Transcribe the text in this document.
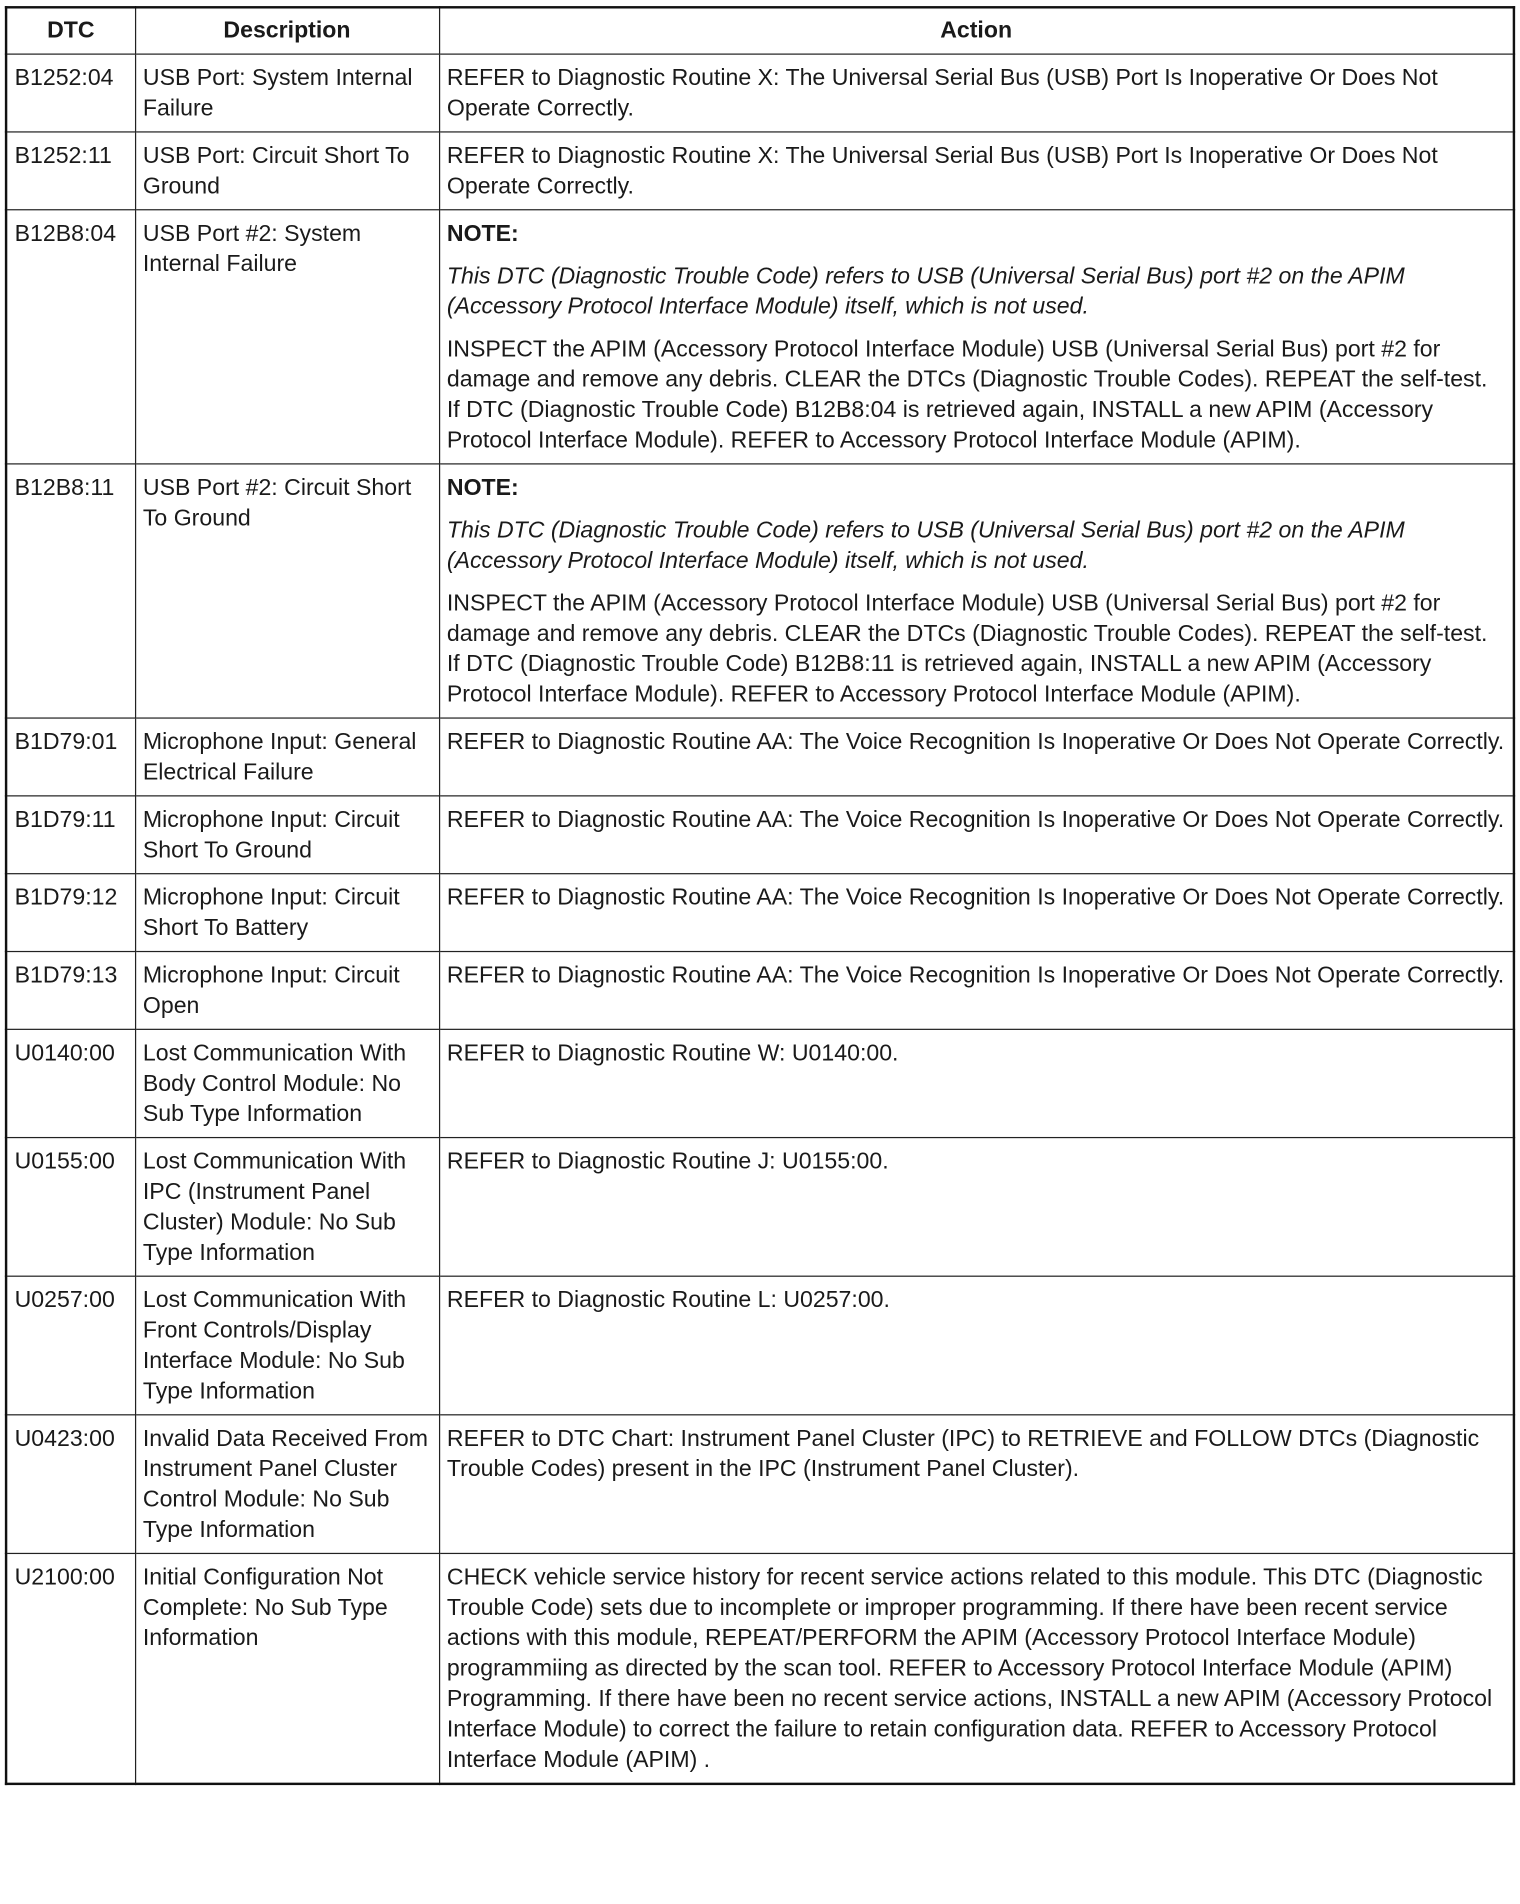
DTC	Description	Action
B1252:04	USB Port: System Internal Failure	REFER to Diagnostic Routine X: The Universal Serial Bus (USB) Port Is Inoperative Or Does Not Operate Correctly.

B1252:11	USB Port: Circuit Short To Ground	REFER to Diagnostic Routine X: The Universal Serial Bus (USB) Port Is Inoperative Or Does Not Operate Correctly.

B12B8:04	USB Port #2: System Internal Failure	NOTE:
This DTC (Diagnostic Trouble Code) refers to USB (Universal Serial Bus) port #2 on the APIM (Accessory Protocol Interface Module) itself, which is not used.
INSPECT the APIM (Accessory Protocol Interface Module) USB (Universal Serial Bus) port #2 for damage and remove any debris. CLEAR the DTCs (Diagnostic Trouble Codes). REPEAT the self-test. If DTC (Diagnostic Trouble Code) B12B8:04 is retrieved again, INSTALL a new APIM (Accessory Protocol Interface Module). REFER to Accessory Protocol Interface Module (APIM).

B12B8:11	USB Port #2: Circuit Short To Ground	NOTE:
This DTC (Diagnostic Trouble Code) refers to USB (Universal Serial Bus) port #2 on the APIM (Accessory Protocol Interface Module) itself, which is not used.
INSPECT the APIM (Accessory Protocol Interface Module) USB (Universal Serial Bus) port #2 for damage and remove any debris. CLEAR the DTCs (Diagnostic Trouble Codes). REPEAT the self-test. If DTC (Diagnostic Trouble Code) B12B8:11 is retrieved again, INSTALL a new APIM (Accessory Protocol Interface Module). REFER to Accessory Protocol Interface Module (APIM).

B1D79:01	Microphone Input: General Electrical Failure	REFER to Diagnostic Routine AA: The Voice Recognition Is Inoperative Or Does Not Operate Correctly.

B1D79:11	Microphone Input: Circuit Short To Ground	REFER to Diagnostic Routine AA: The Voice Recognition Is Inoperative Or Does Not Operate Correctly.

B1D79:12	Microphone Input: Circuit Short To Battery	REFER to Diagnostic Routine AA: The Voice Recognition Is Inoperative Or Does Not Operate Correctly.

B1D79:13	Microphone Input: Circuit Open	REFER to Diagnostic Routine AA: The Voice Recognition Is Inoperative Or Does Not Operate Correctly.

U0140:00	Lost Communication With Body Control Module: No Sub Type Information	REFER to Diagnostic Routine W: U0140:00.

U0155:00	Lost Communication With IPC (Instrument Panel Cluster) Module: No Sub Type Information	REFER to Diagnostic Routine J: U0155:00.

U0257:00	Lost Communication With Front Controls/Display Interface Module: No Sub Type Information	REFER to Diagnostic Routine L: U0257:00.

U0423:00	Invalid Data Received From Instrument Panel Cluster Control Module: No Sub Type Information	REFER to DTC Chart: Instrument Panel Cluster (IPC) to RETRIEVE and FOLLOW DTCs (Diagnostic Trouble Codes) present in the IPC (Instrument Panel Cluster).

U2100:00	Initial Configuration Not Complete: No Sub Type Information	CHECK vehicle service history for recent service actions related to this module. This DTC (Diagnostic Trouble Code) sets due to incomplete or improper programming. If there have been recent service actions with this module, REPEAT/PERFORM the APIM (Accessory Protocol Interface Module) programmiing as directed by the scan tool. REFER to Accessory Protocol Interface Module (APIM) Programming. If there have been no recent service actions, INSTALL a new APIM (Accessory Protocol Interface Module) to correct the failure to retain configuration data. REFER to Accessory Protocol Interface Module (APIM) .
